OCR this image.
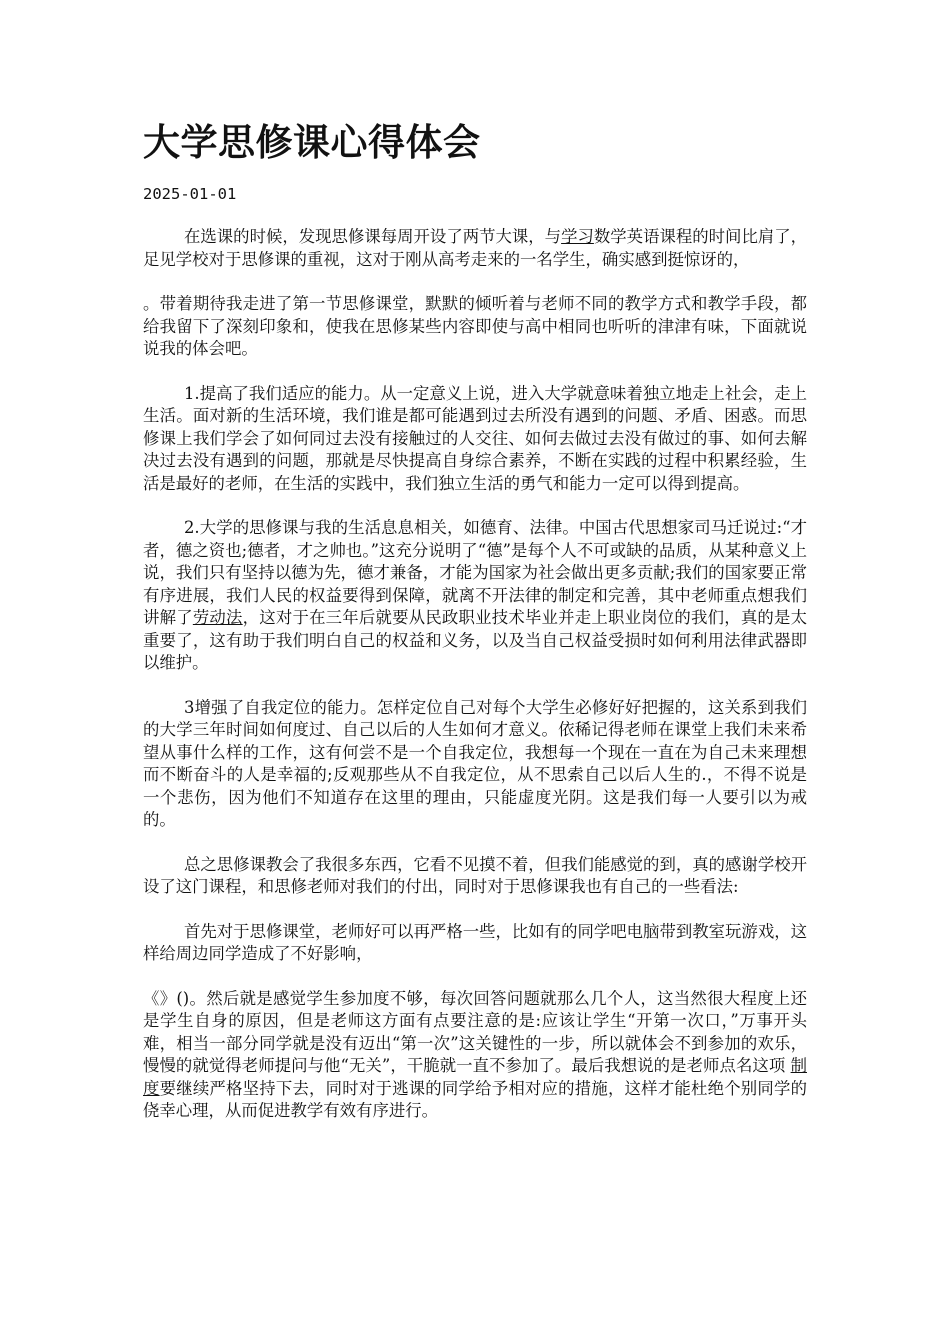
大学思修课心得体会
2025-01-01

在选课的时候，发现思修课每周开设了两节大课，与学习数学英语课程的时间比肩了，足见学校对于思修课的重视，这对于刚从高考走来的一名学生，确实感到挺惊讶的，

。带着期待我走进了第一节思修课堂，默默的倾听着与老师不同的教学方式和教学手段，都给我留下了深刻印象和，使我在思修某些内容即使与高中相同也听听的津津有味，下面就说说我的体会吧。

1.提高了我们适应的能力。从一定意义上说，进入大学就意味着独立地走上社会，走上生活。面对新的生活环境，我们谁是都可能遇到过去所没有遇到的问题、矛盾、困惑。而思修课上我们学会了如何同过去没有接触过的人交往、如何去做过去没有做过的事、如何去解决过去没有遇到的问题，那就是尽快提高自身综合素养，不断在实践的过程中积累经验，生活是最好的老师，在生活的实践中，我们独立生活的勇气和能力一定可以得到提高。

2.大学的思修课与我的生活息息相关，如德育、法律。中国古代思想家司马迁说过:“才者，德之资也;德者，才之帅也。”这充分说明了“德”是每个人不可或缺的品质，从某种意义上说，我们只有坚持以德为先，德才兼备，才能为国家为社会做出更多贡献;我们的国家要正常有序进展，我们人民的权益要得到保障，就离不开法律的制定和完善，其中老师重点想我们讲解了劳动法，这对于在三年后就要从民政职业技术毕业并走上职业岗位的我们，真的是太重要了，这有助于我们明白自己的权益和义务，以及当自己权益受损时如何利用法律武器即以维护。

3增强了自我定位的能力。怎样定位自己对每个大学生必修好好把握的，这关系到我们的大学三年时间如何度过、自己以后的人生如何才意义。依稀记得老师在课堂上我们未来希望从事什么样的工作，这有何尝不是一个自我定位，我想每一个现在一直在为自己未来理想而不断奋斗的人是幸福的;反观那些从不自我定位，从不思索自己以后人生的.，不得不说是一个悲伤，因为他们不知道存在这里的理由，只能虚度光阴。这是我们每一人要引以为戒的。

总之思修课教会了我很多东西，它看不见摸不着，但我们能感觉的到，真的感谢学校开设了这门课程，和思修老师对我们的付出，同时对于思修课我也有自己的一些看法:

首先对于思修课堂，老师好可以再严格一些，比如有的同学吧电脑带到教室玩游戏，这样给周边同学造成了不好影响，

《》()。然后就是感觉学生参加度不够，每次回答问题就那么几个人，这当然很大程度上还是学生自身的原因，但是老师这方面有点要注意的是:应该让学生“开第一次口，”万事开头难，相当一部分同学就是没有迈出“第一次”这关键性的一步，所以就体会不到参加的欢乐，慢慢的就觉得老师提问与他“无关”，干脆就一直不参加了。最后我想说的是老师点名这项 制度要继续严格坚持下去，同时对于逃课的同学给予相对应的措施，这样才能杜绝个别同学的侥幸心理，从而促进教学有效有序进行。
